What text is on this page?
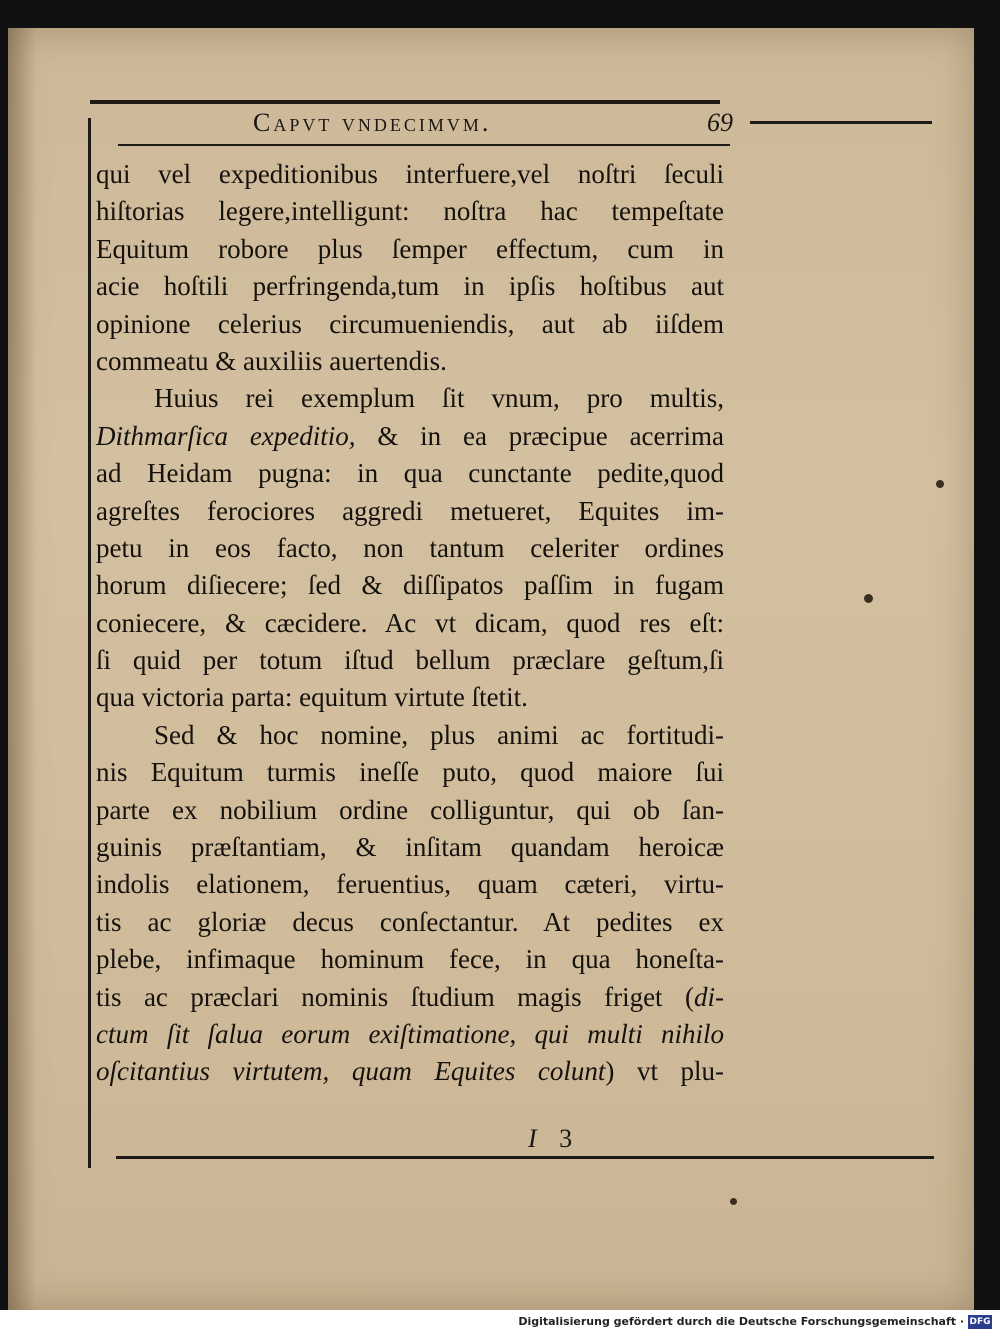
Capvt vndecimvm.	69
qui vel expeditionibus interfuere,vel noſtri ſeculi
hiſtorias legere,intelligunt: noſtra hac tempeſtate
Equitum robore plus ſemper effectum, cum in
acie hoſtili perfringenda,tum in ipſis hoſtibus aut
opinione celerius circumueniendis, aut ab iiſdem
commeatu & auxiliis auertendis.
Huius rei exemplum ſit vnum, pro multis,
Dithmarſica expeditio, & in ea præcipue acerrima
ad Heidam pugna: in qua cunctante pedite,quod
agreſtes ferociores aggredi metueret, Equites im-
petu in eos facto, non tantum celeriter ordines
horum diſiecere; ſed & diſſipatos paſſim in fugam
coniecere, & cæcidere. Ac vt dicam, quod res eſt:
ſi quid per totum iſtud bellum præclare geſtum,ſi
qua victoria parta: equitum virtute ſtetit.
Sed & hoc nomine, plus animi ac fortitudi-
nis Equitum turmis ineſſe puto, quod maiore ſui
parte ex nobilium ordine colliguntur, qui ob ſan-
guinis præſtantiam, & inſitam quandam heroicæ
indolis elationem, feruentius, quam cæteri, virtu-
tis ac gloriæ decus conſectantur. At pedites ex
plebe, infimaque hominum fece, in qua honeſta-
tis ac præclari nominis ſtudium magis friget (di-
ctum ſit ſalua eorum exiſtimatione, qui multi nihilo
oſcitantius virtutem, quam Equites colunt) vt plu-
I 3
Digitalisierung gefördert durch die Deutsche Forschungsgemeinschaft · DFG
